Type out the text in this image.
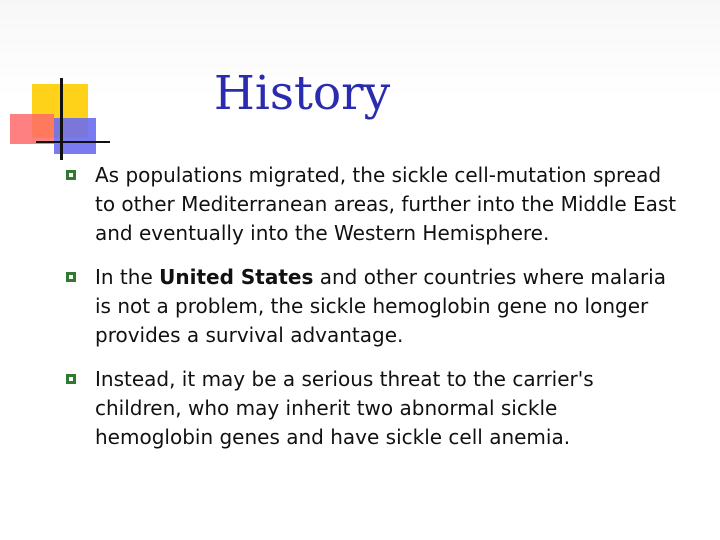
History
As populations migrated, the sickle cell-mutation spread to other Mediterranean areas, further into the Middle East and eventually into the Western Hemisphere.
In the United States and other countries where malaria is not a problem, the sickle hemoglobin gene no longer provides a survival advantage.
Instead, it may be a serious threat to the carrier's children, who may inherit two abnormal sickle hemoglobin genes and have sickle cell anemia.
